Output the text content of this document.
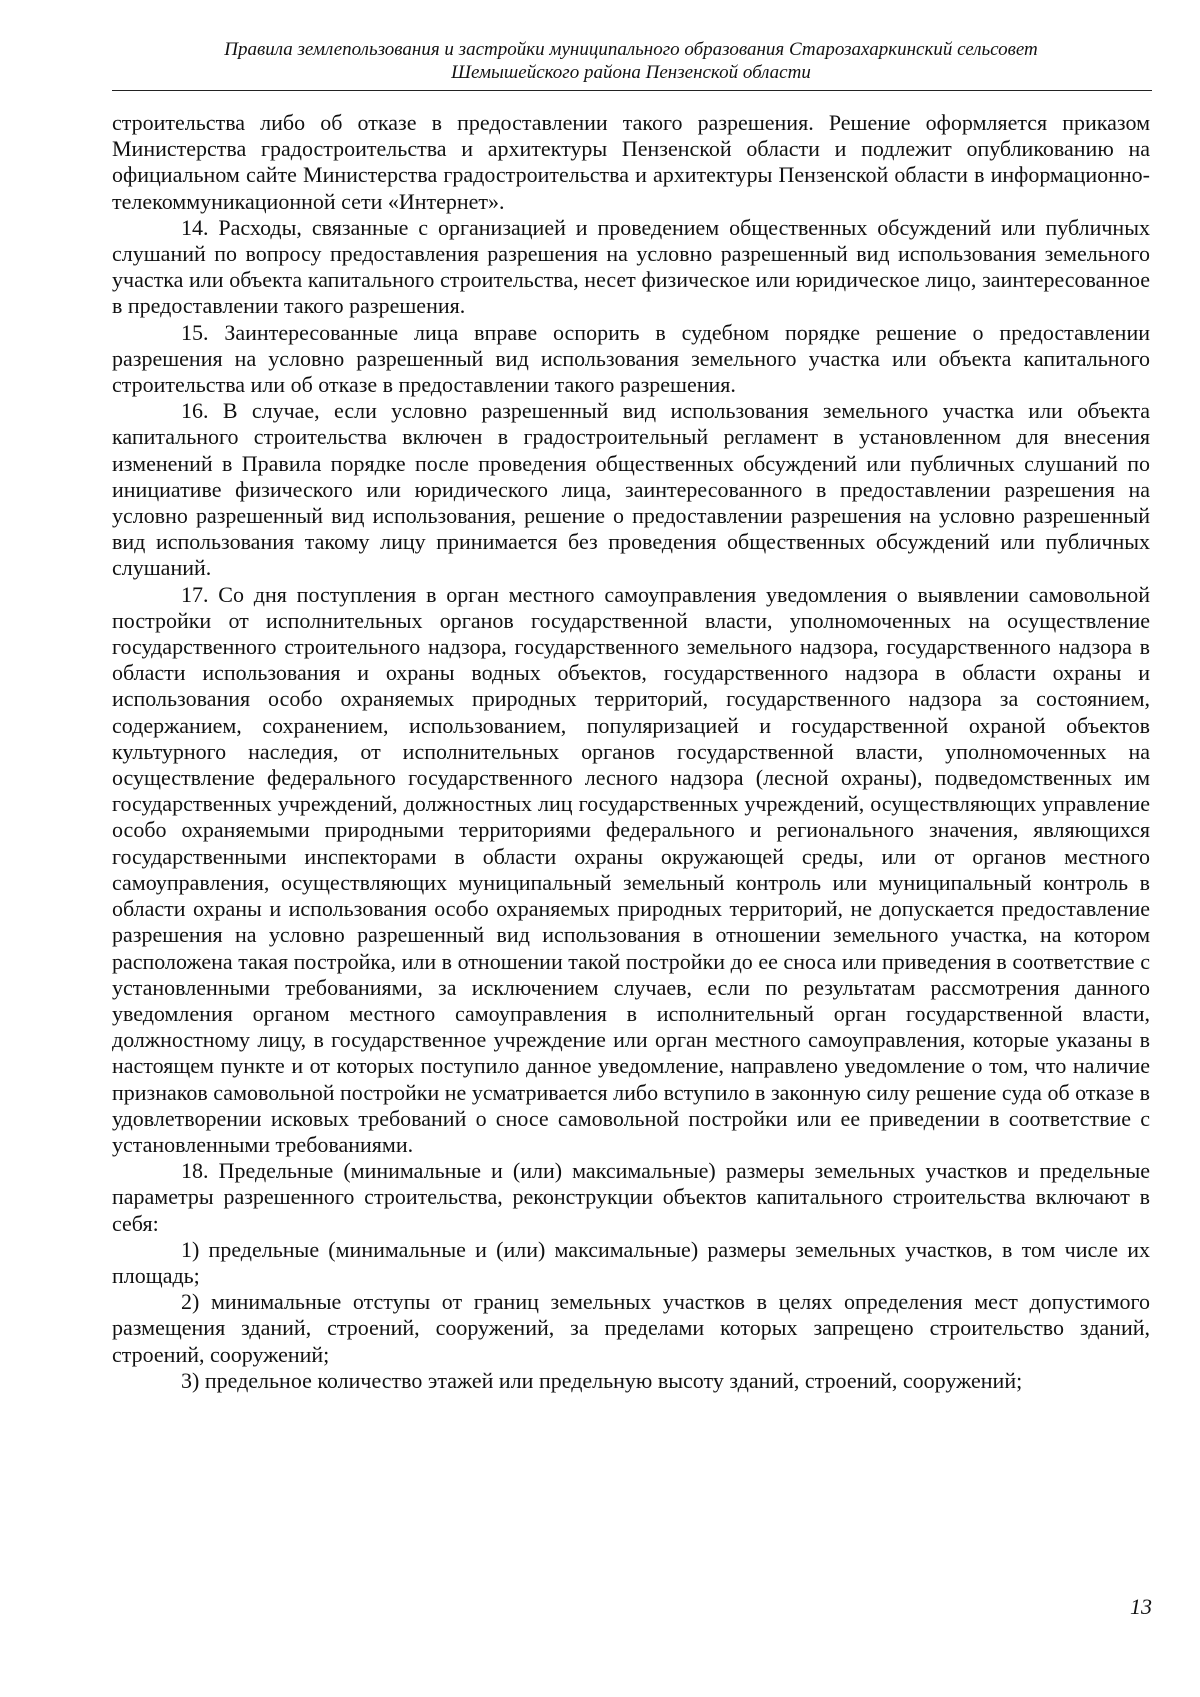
Правила землепользования и застройки муниципального образования Старозахаркинский сельсовет
Шемышейского района Пензенской области

строительства либо об отказе в предоставлении такого разрешения. Решение оформляется приказом Министерства градостроительства и архитектуры Пензенской области и подлежит опубликованию на официальном сайте Министерства градостроительства и архитектуры Пензенской области в информационно-телекоммуникационной сети «Интернет».

14. Расходы, связанные с организацией и проведением общественных обсуждений или публичных слушаний по вопросу предоставления разрешения на условно разрешенный вид использования земельного участка или объекта капитального строительства, несет физическое или юридическое лицо, заинтересованное в предоставлении такого разрешения.

15. Заинтересованные лица вправе оспорить в судебном порядке решение о предоставлении разрешения на условно разрешенный вид использования земельного участка или объекта капитального строительства или об отказе в предоставлении такого разрешения.

16. В случае, если условно разрешенный вид использования земельного участка или объекта капитального строительства включен в градостроительный регламент в установленном для внесения изменений в Правила порядке после проведения общественных обсуждений или публичных слушаний по инициативе физического или юридического лица, заинтересованного в предоставлении разрешения на условно разрешенный вид использования, решение о предоставлении разрешения на условно разрешенный вид использования такому лицу принимается без проведения общественных обсуждений или публичных слушаний.

17. Со дня поступления в орган местного самоуправления уведомления о выявлении самовольной постройки от исполнительных органов государственной власти, уполномоченных на осуществление государственного строительного надзора, государственного земельного надзора, государственного надзора в области использования и охраны водных объектов, государственного надзора в области охраны и использования особо охраняемых природных территорий, государственного надзора за состоянием, содержанием, сохранением, использованием, популяризацией и государственной охраной объектов культурного наследия, от исполнительных органов государственной власти, уполномоченных на осуществление федерального государственного лесного надзора (лесной охраны), подведомственных им государственных учреждений, должностных лиц государственных учреждений, осуществляющих управление особо охраняемыми природными территориями федерального и регионального значения, являющихся государственными инспекторами в области охраны окружающей среды, или от органов местного самоуправления, осуществляющих муниципальный земельный контроль или муниципальный контроль в области охраны и использования особо охраняемых природных территорий, не допускается предоставление разрешения на условно разрешенный вид использования в отношении земельного участка, на котором расположена такая постройка, или в отношении такой постройки до ее сноса или приведения в соответствие с установленными требованиями, за исключением случаев, если по результатам рассмотрения данного уведомления органом местного самоуправления в исполнительный орган государственной власти, должностному лицу, в государственное учреждение или орган местного самоуправления, которые указаны в настоящем пункте и от которых поступило данное уведомление, направлено уведомление о том, что наличие признаков самовольной постройки не усматривается либо вступило в законную силу решение суда об отказе в удовлетворении исковых требований о сносе самовольной постройки или ее приведении в соответствие с установленными требованиями.

18. Предельные (минимальные и (или) максимальные) размеры земельных участков и предельные параметры разрешенного строительства, реконструкции объектов капитального строительства включают в себя:

1) предельные (минимальные и (или) максимальные) размеры земельных участков, в том числе их площадь;

2) минимальные отступы от границ земельных участков в целях определения мест допустимого размещения зданий, строений, сооружений, за пределами которых запрещено строительство зданий, строений, сооружений;

3) предельное количество этажей или предельную высоту зданий, строений, сооружений;

13
